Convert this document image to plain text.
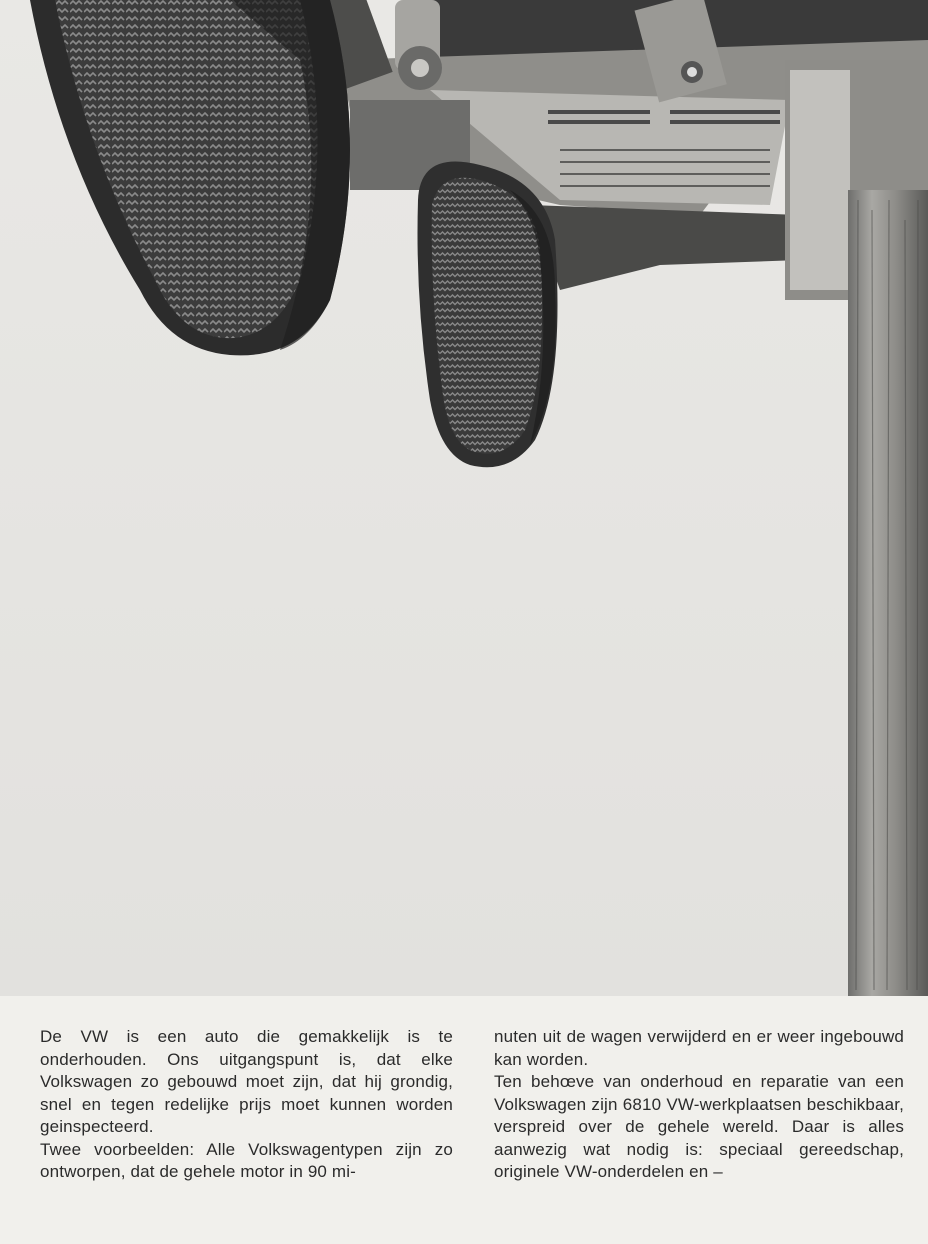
De VW is een auto die gemakkelijk is te onderhouden. Ons uitgangspunt is, dat elke Volkswagen zo gebouwd moet zijn, dat hij grondig, snel en tegen redelijke prijs moet kunnen worden geinspecteerd.

Twee voorbeelden: Alle Volkswagentypen zijn zo ontworpen, dat de gehele motor in 90 mi-

nuten uit de wagen verwijderd en er weer ingebouwd kan worden.

Ten behœve van onderhoud en reparatie van een Volkswagen zijn 6810 VW-werkplaatsen beschikbaar, verspreid over de gehele wereld. Daar is alles aanwezig wat nodig is: speciaal gereedschap, originele VW-onderdelen en –
